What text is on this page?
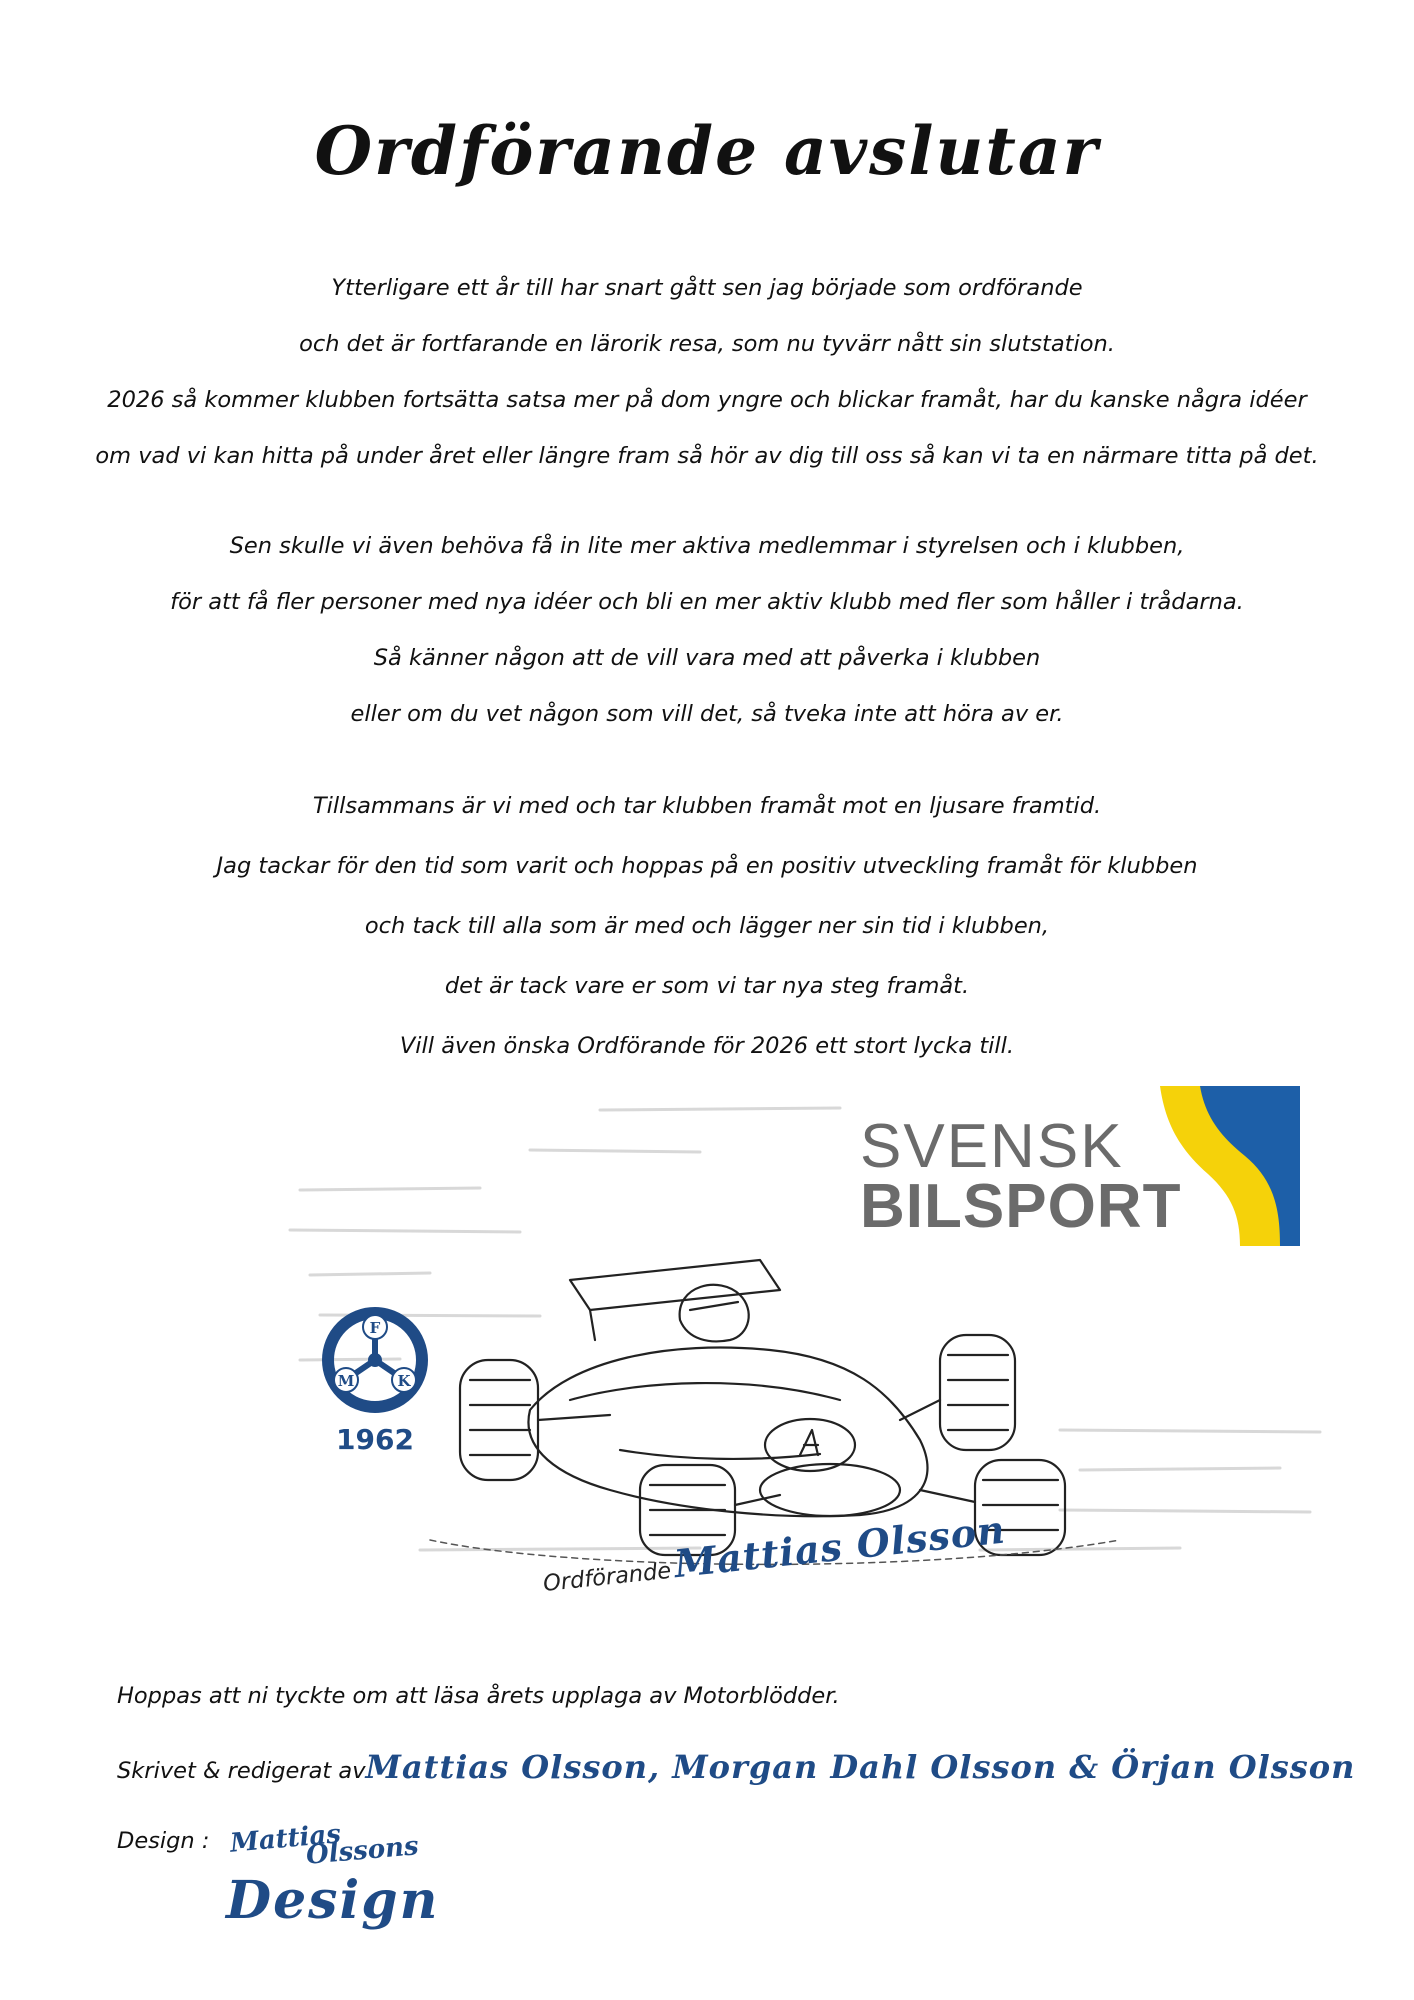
Ordförande avslutar

Ytterligare ett år till har snart gått sen jag började som ordförande

och det är fortfarande en lärorik resa, som nu tyvärr nått sin slutstation.

2026 så kommer klubben fortsätta satsa mer på dom yngre och blickar framåt, har du kanske några idéer

om vad vi kan hitta på under året eller längre fram så hör av dig till oss så kan vi ta en närmare titta på det.

Sen skulle vi även behöva få in lite mer aktiva medlemmar i styrelsen och i klubben,

för att få fler personer med nya idéer och bli en mer aktiv klubb med fler som håller i trådarna.

Så känner någon att de vill vara med att påverka i klubben

eller om du vet någon som vill det, så tveka inte att höra av er.

Tillsammans är vi med och tar klubben framåt mot en ljusare framtid.

Jag tackar för den tid som varit och hoppas på en positiv utveckling framåt för klubben

och tack till alla som är med och lägger ner sin tid i klubben,

det är tack vare er som vi tar nya steg framåt.

Vill även önska Ordförande för 2026 ett stort lycka till.

F
M	K
1962
SVENSK
BILSPORT
OrdförandeMattias Olsson
Hoppas att ni tyckte om att läsa årets upplaga av Motorblödder.
Skrivet & redigerat avMattias Olsson, Morgan Dahl Olsson & Örjan Olsson
Design : Mattias
Olssons
Design
